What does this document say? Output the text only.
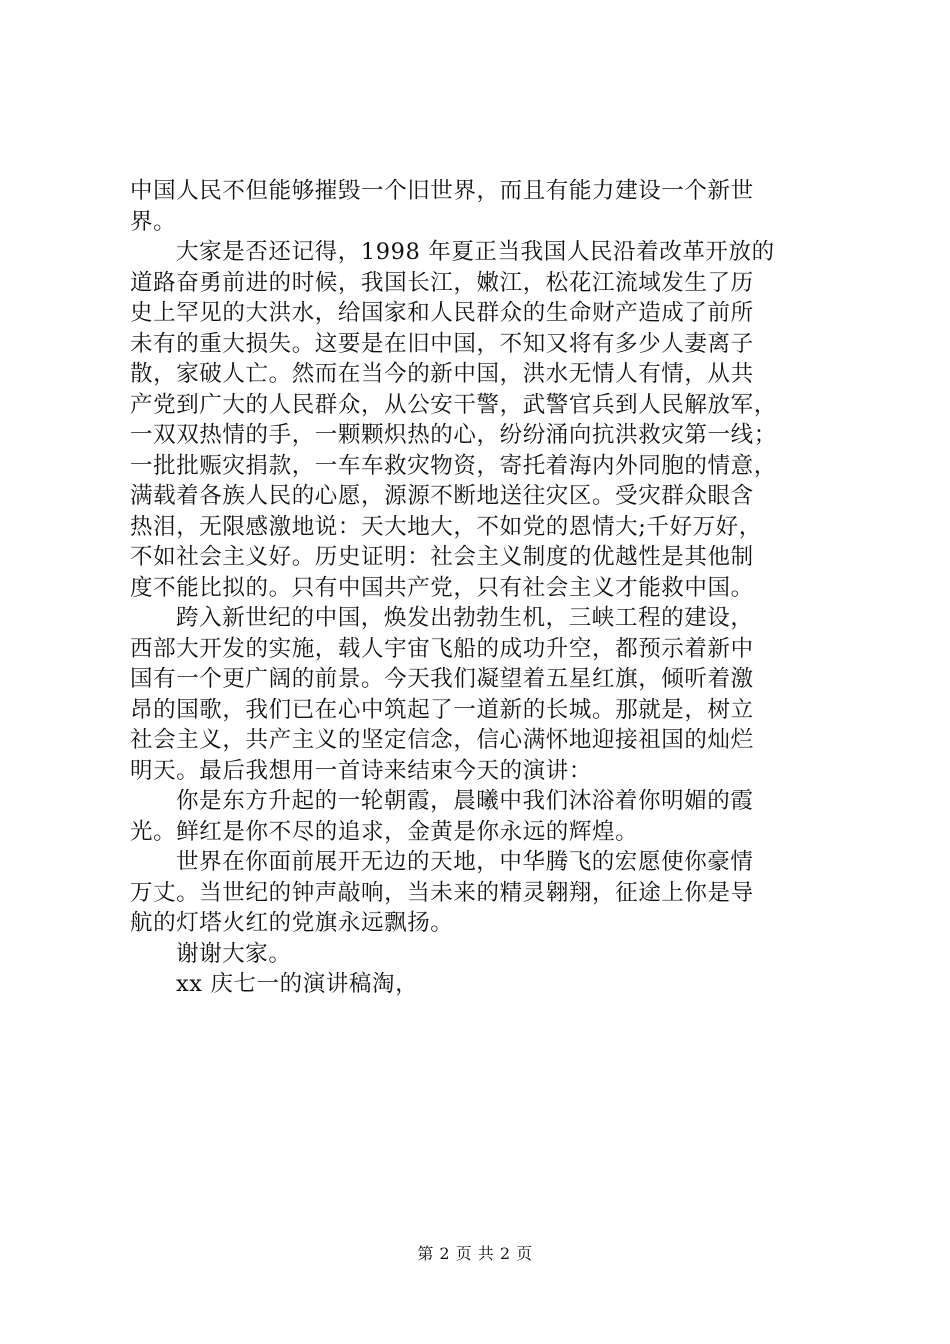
中国人民不但能够摧毁一个旧世界，而且有能力建设一个新世
界。

大家是否还记得，1998 年夏正当我国人民沿着改革开放的
道路奋勇前进的时候，我国长江，嫩江，松花江流域发生了历
史上罕见的大洪水，给国家和人民群众的生命财产造成了前所
未有的重大损失。这要是在旧中国，不知又将有多少人妻离子
散，家破人亡。然而在当今的新中国，洪水无情人有情，从共
产党到广大的人民群众，从公安干警，武警官兵到人民解放军，
一双双热情的手，一颗颗炽热的心，纷纷涌向抗洪救灾第一线；
一批批赈灾捐款，一车车救灾物资，寄托着海内外同胞的情意，
满载着各族人民的心愿，源源不断地送往灾区。受灾群众眼含
热泪，无限感激地说：天大地大，不如党的恩情大;千好万好，
不如社会主义好。历史证明：社会主义制度的优越性是其他制
度不能比拟的。只有中国共产党，只有社会主义才能救中国。

跨入新世纪的中国，焕发出勃勃生机，三峡工程的建设，
西部大开发的实施，载人宇宙飞船的成功升空，都预示着新中
国有一个更广阔的前景。今天我们凝望着五星红旗，倾听着激
昂的国歌，我们已在心中筑起了一道新的长城。那就是，树立
社会主义，共产主义的坚定信念，信心满怀地迎接祖国的灿烂
明天。最后我想用一首诗来结束今天的演讲：

你是东方升起的一轮朝霞，晨曦中我们沐浴着你明媚的霞
光。鲜红是你不尽的追求，金黄是你永远的辉煌。

世界在你面前展开无边的天地，中华腾飞的宏愿使你豪情
万丈。当世纪的钟声敲响，当未来的精灵翱翔，征途上你是导
航的灯塔火红的党旗永远飘扬。

谢谢大家。

xx 庆七一的演讲稿淘，

第 2 页 共 2 页
